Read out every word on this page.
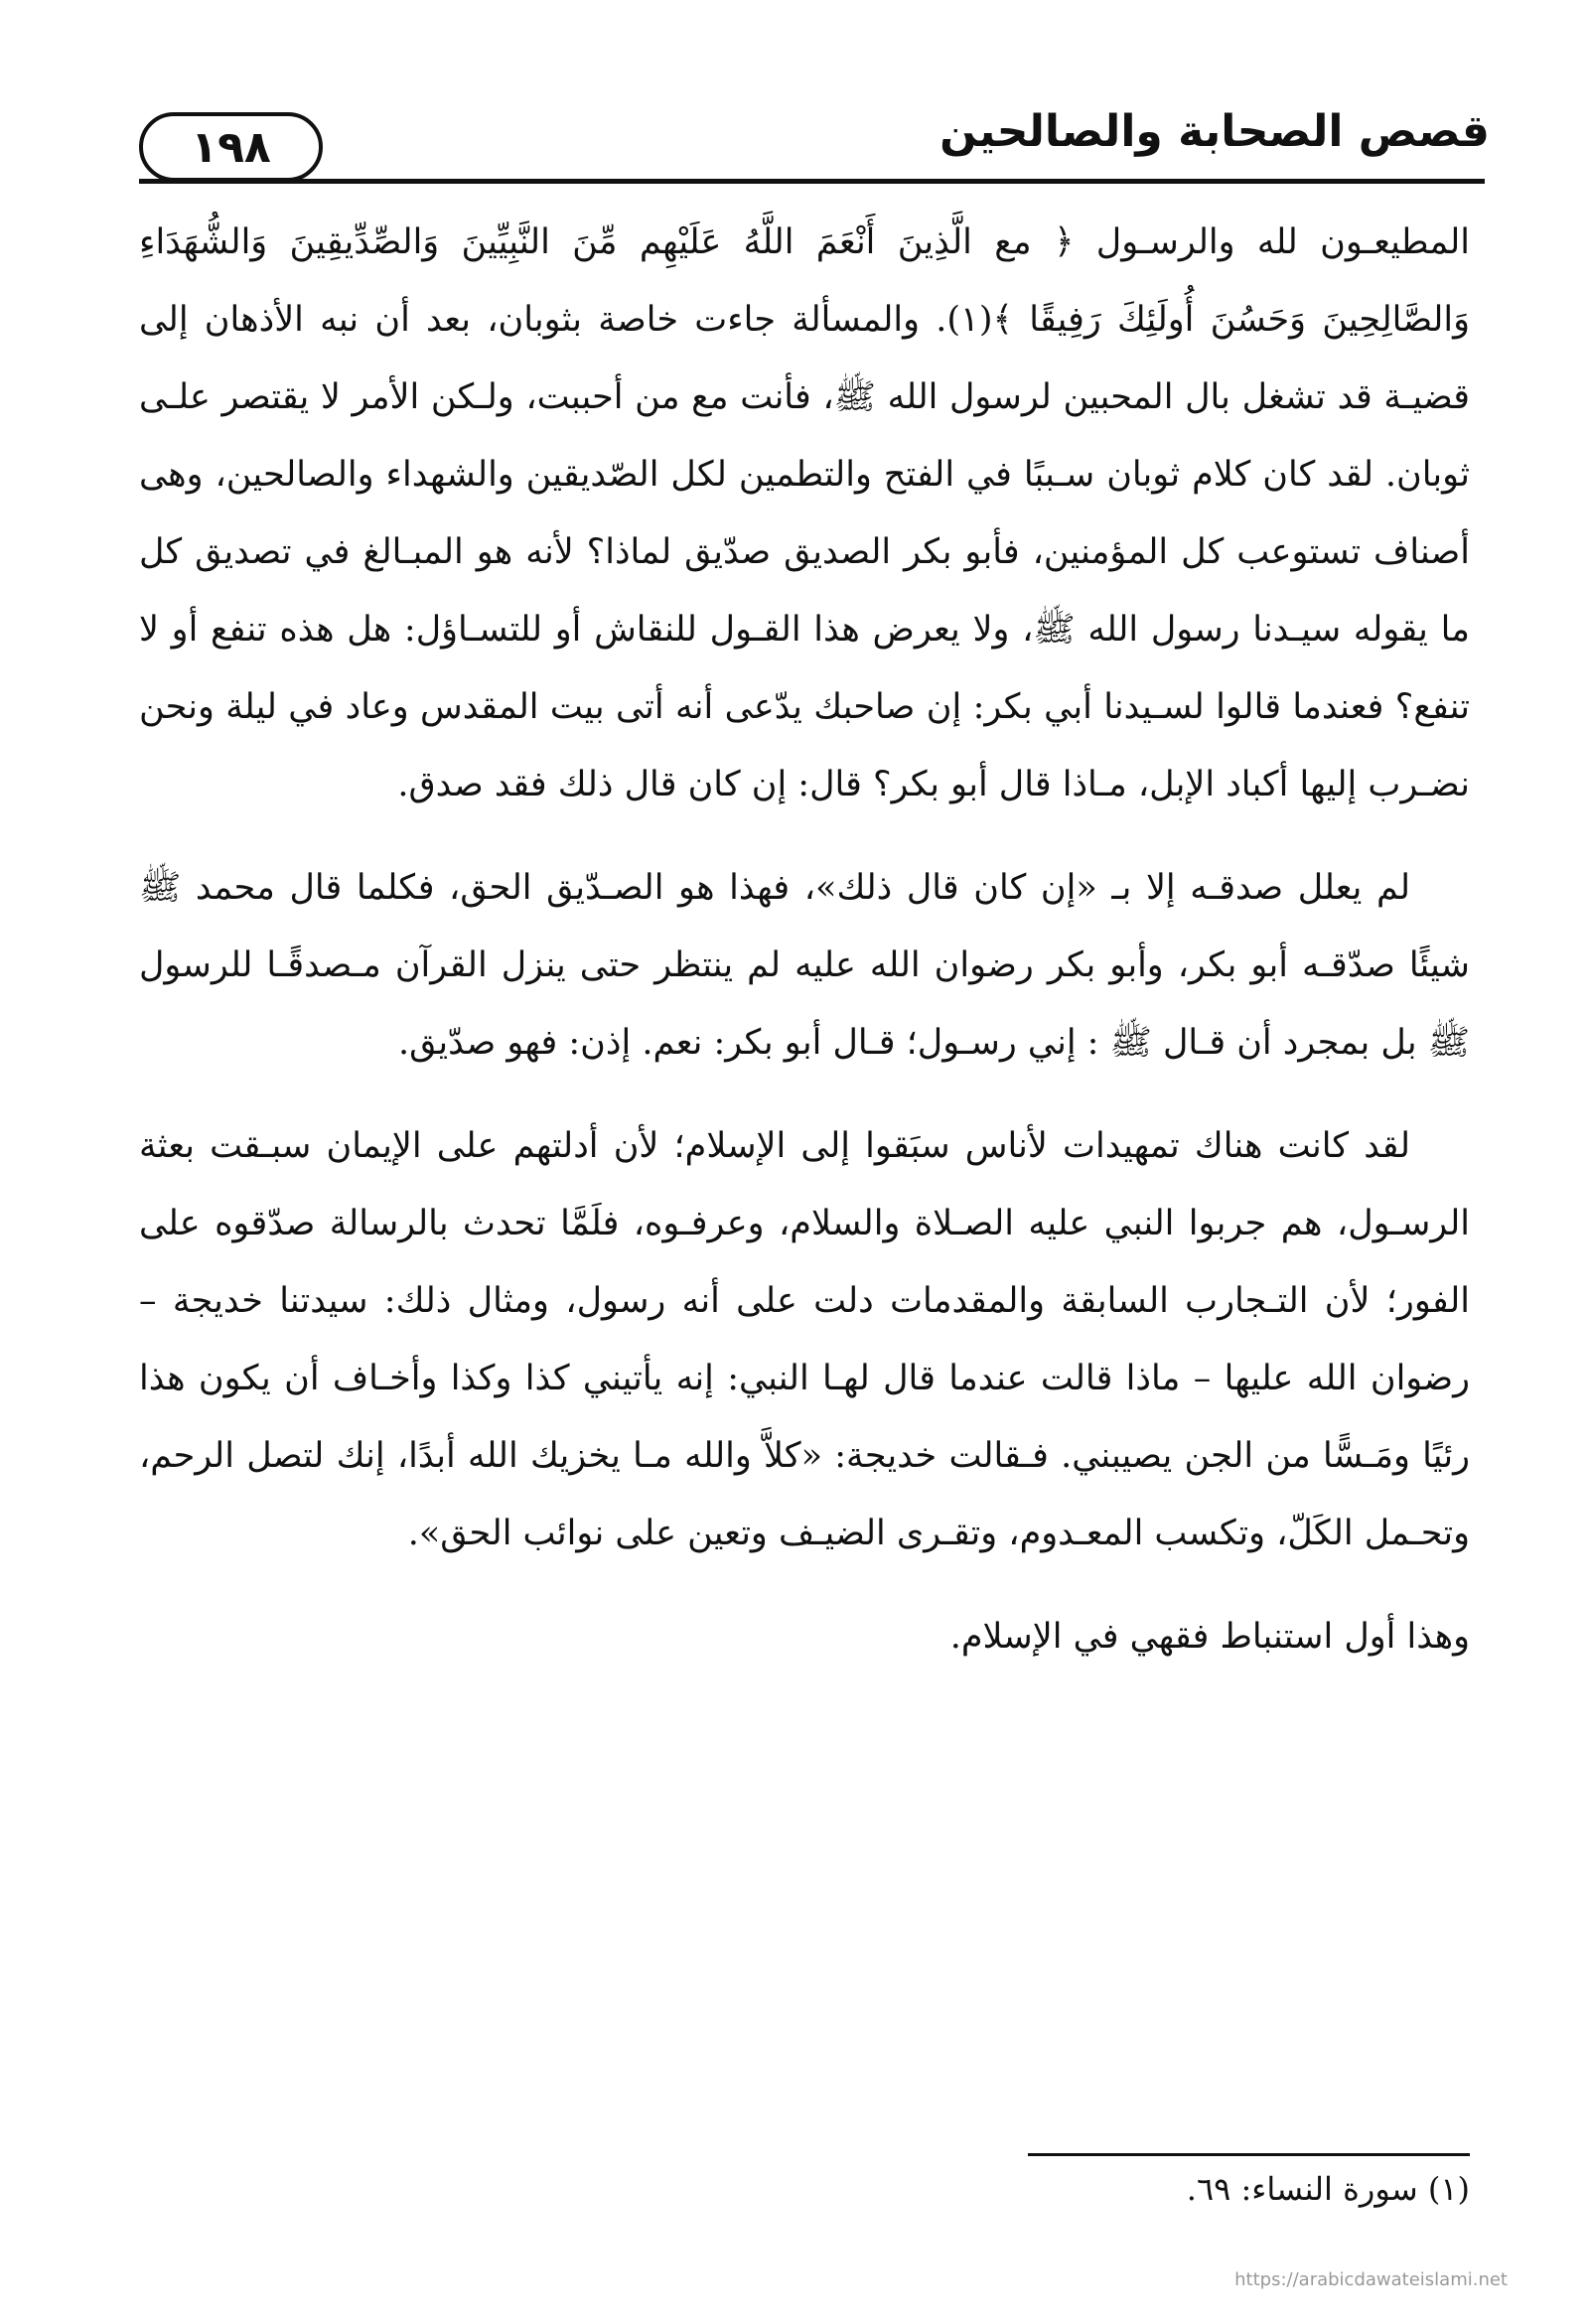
١٩٨	قصص الصحابة والصالحين

المطيعـون لله والرسـول ﴿ مع الَّذِينَ أَنْعَمَ اللَّهُ عَلَيْهِم مِّنَ النَّبِيِّينَ وَالصِّدِّيقِينَ وَالشُّهَدَاءِ وَالصَّالِحِينَ وَحَسُنَ أُولَئِكَ رَفِيقًا ﴾(١). والمسألة جاءت خاصة بثوبان، بعد أن نبه الأذهان إلى قضيـة قد تشغل بال المحبين لرسول الله ﷺ، فأنت مع من أحببت، ولـكن الأمر لا يقتصر علـى ثوبان. لقد كان كلام ثوبان سـببًا في الفتح والتطمين لكل الصّديقين والشهداء والصالحين، وهى أصناف تستوعب كل المؤمنين، فأبو بكر الصديق صدّيق لماذا؟ لأنه هو المبـالغ في تصديق كل ما يقوله سيـدنا رسول الله ﷺ، ولا يعرض هذا القـول للنقاش أو للتسـاؤل: هل هذه تنفع أو لا تنفع؟ فعندما قالوا لسـيدنا أبي بكر: إن صاحبك يدّعى أنه أتى بيت المقدس وعاد في ليلة ونحن نضـرب إليها أكباد الإبل، مـاذا قال أبو بكر؟ قال: إن كان قال ذلك فقد صدق.

لم يعلل صدقـه إلا بـ «إن كان قال ذلك»، فهذا هو الصـدّيق الحق، فكلما قال محمد ﷺ شيئًا صدّقـه أبو بكر، وأبو بكر رضوان الله عليه لم ينتظر حتى ينزل القرآن مـصدقًـا للرسول ﷺ بل بمجرد أن قـال ﷺ : إني رسـول؛ قـال أبو بكر: نعم. إذن: فهو صدّيق.

لقد كانت هناك تمهيدات لأناس سبَقوا إلى الإسلام؛ لأن أدلتهم على الإيمان سبـقت بعثة الرسـول، هم جربوا النبي عليه الصـلاة والسلام، وعرفـوه، فلَمَّا تحدث بالرسالة صدّقوه على الفور؛ لأن التـجارب السابقة والمقدمات دلت على أنه رسول، ومثال ذلك: سيدتنا خديجة – رضوان الله عليها – ماذا قالت عندما قال لهـا النبي: إنه يأتيني كذا وكذا وأخـاف أن يكون هذا رئيًا ومَـسًّا من الجن يصيبني. فـقالت خديجة: «كلاَّ والله مـا يخزيك الله أبدًا، إنك لتصل الرحم، وتحـمل الكَلّ، وتكسب المعـدوم، وتقـرى الضيـف وتعين على نوائب الحق».

وهذا أول استنباط فقهي في الإسلام.

(١) سورة النساء: ٦٩.
https://arabicdawateislami.net
